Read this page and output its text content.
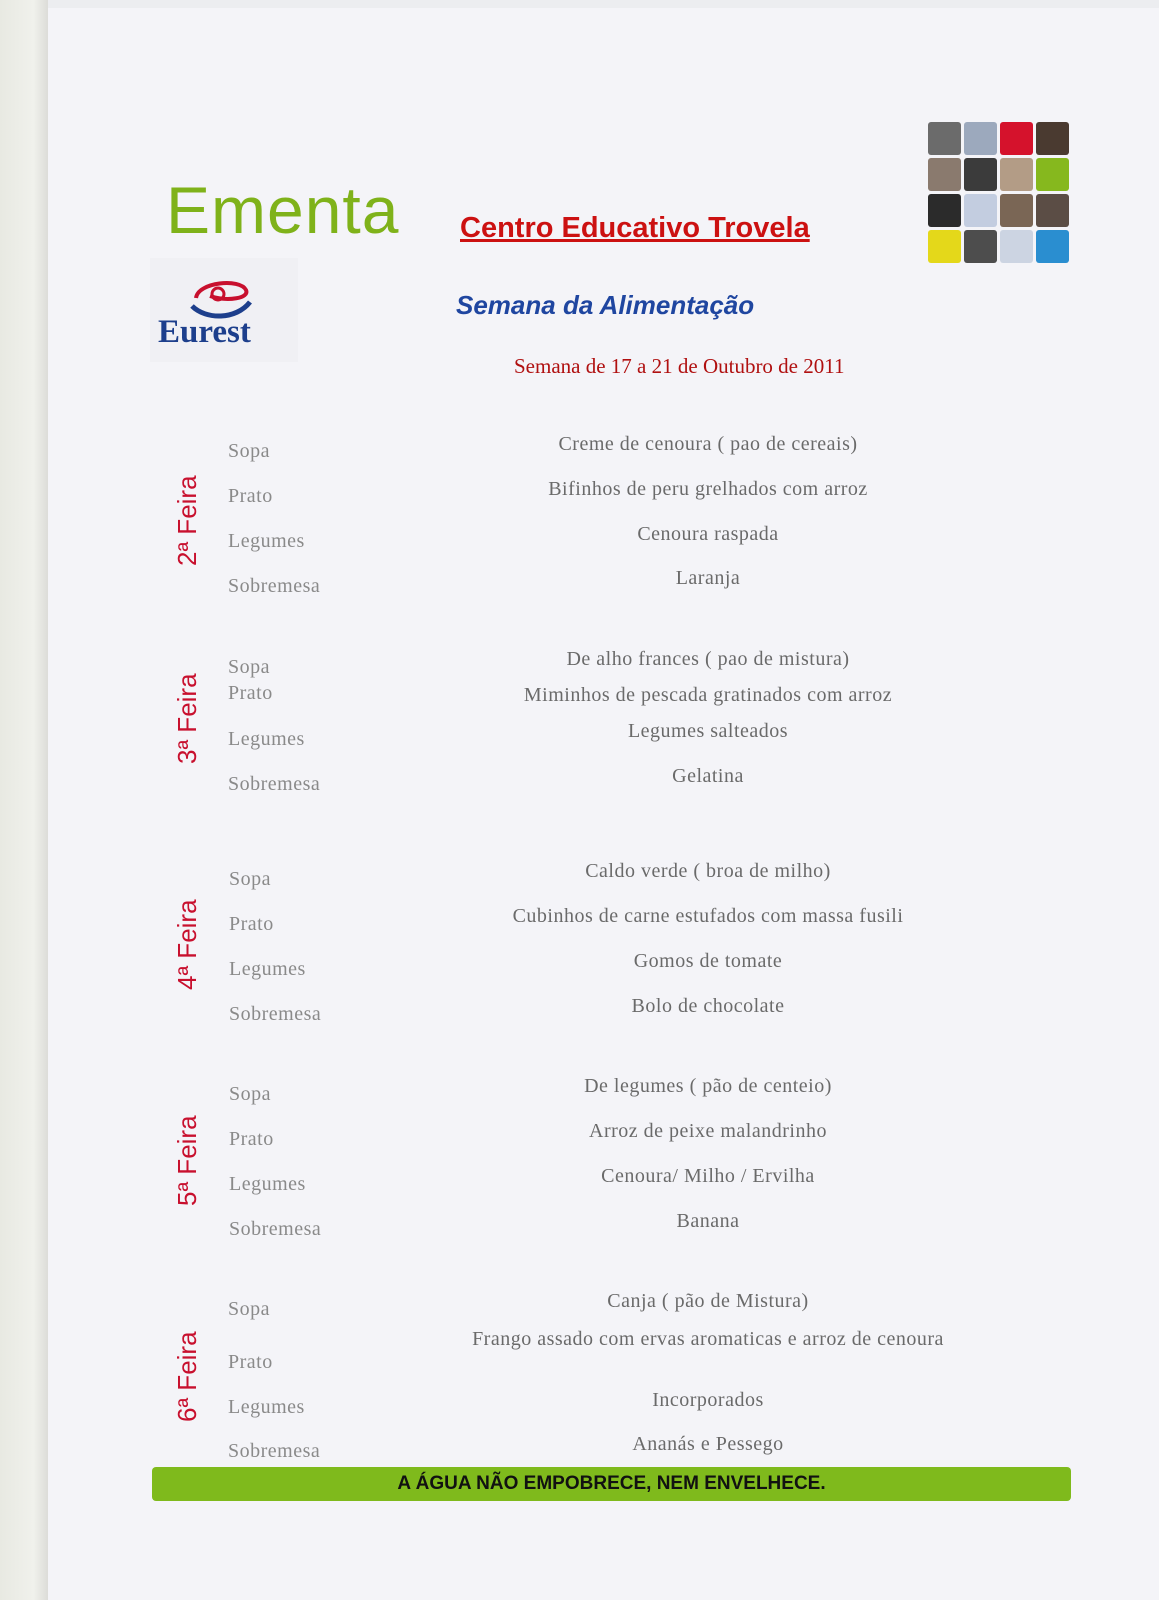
Ementa Centro Educativo Trovela
Eurest
Semana da Alimentação
Semana de 17 a 21 de Outubro de 2011
2ª Feira
Sopa
Prato
Legumes
Sobremesa
Creme de cenoura ( pao de cereais)
Bifinhos de peru grelhados com arroz
Cenoura raspada
Laranja
3ª Feira
Sopa
Prato
Legumes
Sobremesa
De alho frances ( pao de mistura)
Miminhos de pescada gratinados com arroz
Legumes salteados
Gelatina
4ª Feira
Sopa
Prato
Legumes
Sobremesa
Caldo verde ( broa de milho)
Cubinhos de carne estufados com massa fusili
Gomos de tomate
Bolo de chocolate
5ª Feira
Sopa
Prato
Legumes
Sobremesa
De legumes ( pão de centeio)
Arroz de peixe malandrinho
Cenoura/ Milho / Ervilha
Banana
6ª Feira
Sopa
Prato
Legumes
Sobremesa
Canja ( pão de Mistura)
Frango assado com ervas aromaticas e arroz de cenoura
Incorporados
Ananás e Pessego
A ÁGUA NÃO EMPOBRECE, NEM ENVELHECE.
